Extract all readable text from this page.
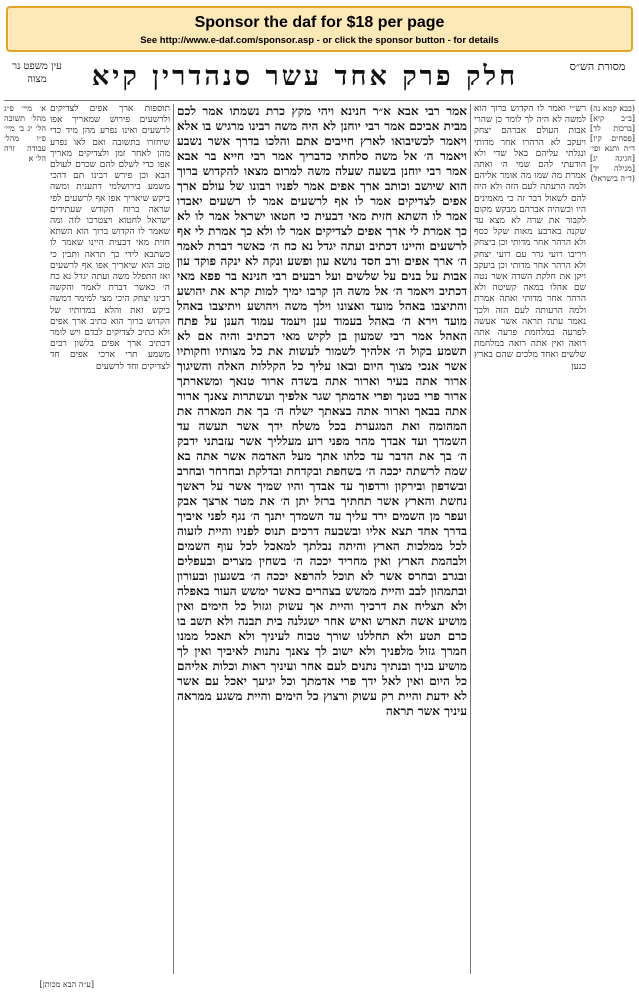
Sponsor the daf for $18 per page
See http://www.e-daf.com/sponsor.asp - or click the sponsor button - for details
עין משפט נר מצוה	חלק פרק אחד עשר סנהדרין קיא	מסורת הש״ס
א׳ מיי׳ פ״ג מהל׳ תשובה הל׳ יג ב׳ מיי׳ פ״ו מהל׳ עבודה זרה הל׳ א
תוספות ארך אפים לצדיקים ולרשעים פירוש שמאריך אפו לרשעים ואינו נפרע מהן מיד כדי שיחזרו בתשובה ואם לאו נפרע מהן לאחר זמן ולצדיקים מאריך אפו כדי לשלם להם שכרם לעולם הבא וכן פירש רבינו תם דהכי משמע בירושלמי דתענית ומשה ביקש שיאריך אפו אף לרשעים לפי שראה ברוח הקודש שעתידים ישראל לחטוא ויצטרכו לזה ומה שאמר לו הקדוש ברוך הוא השתא חזית מאי דבעית היינו שאמר לו כשתבא לידי כך תראה ותבין כי טוב הוא שיאריך אפו אף לרשעים ואז התפלל משה ועתה יגדל נא כח ה׳ כאשר דברת לאמר והקשה רבינו יצחק היכי מצי למימר דמשה ביקש זאת והלא במדותיו של הקדוש ברוך הוא כתיב ארך אפים ולא כתיב לצדיקים לבדם ויש לומר דכתיב ארך אפים בלשון רבים משמע תרי ארכי אפים חד לצדיקים וחד לרשעים
אמר רבי אבא א״ר חנינא ויהי מקץ כרת נשמתו אמר לכם מבית אביכם אמר רבי יוחנן לא היה משה רבינו מרגיש בו אלא ויאמר לכשיבואו לארץ חייבים אתם והלכו בדרך אשר נשבע ויאמר ה׳ אל משה סלחתי כדבריך אמר רבי חייא בר אבא אמר רבי יוחנן בשעה שעלה משה למרום מצאו להקדוש ברוך הוא שיושב וכותב ארך אפים אמר לפניו רבונו של עולם ארך אפים לצדיקים אמר לו אף לרשעים אמר לו רשעים יאבדו אמר לו השתא חזית מאי דבעית כי חטאו ישראל אמר לו לא כך אמרת לי ארך אפים לצדיקים אמר לו ולא כך אמרת לי אף לרשעים והיינו דכתיב ועתה יגדל נא כח ה׳ כאשר דברת לאמר ה׳ ארך אפים ורב חסד נושא עון ופשע ונקה לא ינקה פוקד עון אבות על בנים על שלשים ועל רבעים רבי חנינא בר פפא מאי דכתיב ויאמר ה׳ אל משה הן קרבו ימיך למות קרא את יהושע והתיצבו באהל מועד ואצונו וילך משה ויהושע ויתיצבו באהל מועד וירא ה׳ באהל בעמוד ענן ויעמד עמוד הענן על פתח האהל אמר רבי שמעון בן לקיש מאי דכתיב והיה אם לא תשמע בקול ה׳ אלהיך לשמור לעשות את כל מצותיו וחקותיו אשר אנכי מצוך היום ובאו עליך כל הקללות האלה והשיגוך ארור אתה בעיר וארור אתה בשדה ארור טנאך ומשארתך ארור פרי בטנך ופרי אדמתך שגר אלפיך ועשתרות צאנך ארור אתה בבאך וארור אתה בצאתך ישלח ה׳ בך את המארה את המהומה ואת המגערת בכל משלח ידך אשר תעשה עד השמדך ועד אבדך מהר מפני רוע מעלליך אשר עזבתני ידבק ה׳ בך את הדבר עד כלתו אתך מעל האדמה אשר אתה בא שמה לרשתה יככה ה׳ בשחפת ובקדחת ובדלקת ובחרחר ובחרב ובשדפון ובירקון ורדפוך עד אבדך והיו שמיך אשר על ראשך נחשת והארץ אשר תחתיך ברזל יתן ה׳ את מטר ארצך אבק ועפר מן השמים ירד עליך עד השמדך יתנך ה׳ נגף לפני איביך בדרך אחד תצא אליו ובשבעה דרכים תנוס לפניו והיית לזעוה לכל ממלכות הארץ והיתה נבלתך למאכל לכל עוף השמים ולבהמת הארץ ואין מחריד יככה ה׳ בשחין מצרים ובעפלים ובגרב ובחרס אשר לא תוכל להרפא יככה ה׳ בשגעון ובעורון ובתמהון לבב והיית ממשש בצהרים כאשר ימשש העור באפלה ולא תצליח את דרכיך והיית אך עשוק וגזול כל הימים ואין מושיע אשה תארש ואיש אחר ישגלנה בית תבנה ולא תשב בו כרם תטע ולא תחללנו שורך טבוח לעיניך ולא תאכל ממנו חמרך גזול מלפניך ולא ישוב לך צאנך נתנות לאיביך ואין לך מושיע בניך ובנתיך נתנים לעם אחר ועיניך ראות וכלות אליהם כל היום ואין לאל ידך פרי אדמתך וכל יגיעך יאכל עם אשר לא ידעת והיית רק עשוק ורצוץ כל הימים והיית משגע ממראה עיניך אשר תראה
רש״י ואמר לו הקדוש ברוך הוא למשה לא היה לך לומר כן שהרי אבות העולם אברהם יצחק ויעקב לא הרהרו אחר מדותי ונגלתי עליהם באל שדי ולא הודעתי להם שמי ה׳ ואתה אמרת מה שמו מה אומר אליהם ולמה הרעתה לעם הזה ולא היה להם לשאול דבר זה כי מאמינים היו וכשהיה אברהם מבקש מקום לקבור את שרה לא מצא עד שקנה בארבע מאות שקל כסף ולא הרהר אחר מדותי וכן ביצחק ויריבו רועי גרר עם רועי יצחק ולא הרהר אחר מדותי וכן ביעקב ויקן את חלקת השדה אשר נטה שם אהלו במאה קשיטה ולא הרהר אחר מדותי ואתה אמרת ולמה הרעותה לעם הזה ולכך נאמר עתה תראה אשר אעשה לפרעה במלחמת פרעה אתה רואה ואין אתה רואה במלחמת שלשים ואחד מלכים שהם בארץ כנען
(בבא קמא נה) [ב״ב קיא] [ברכות לד] [פסחים קיז] ד״ה ותנא ופי׳ [חגיגה יג] [מגילה יד] (ד״ה בישראל)
[ע״ה הבא מכותן]
